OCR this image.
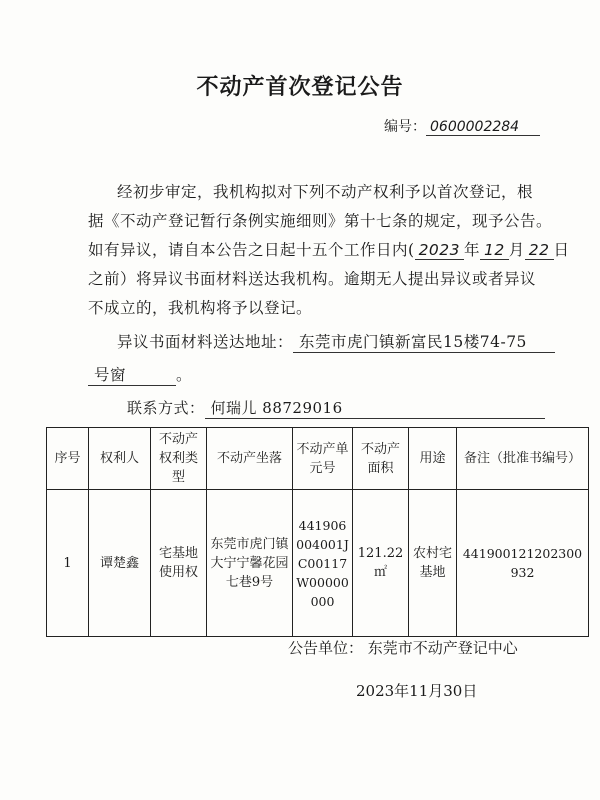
不动产首次登记公告
编号： 0600002284
经初步审定，我机构拟对下列不动产权利予以首次登记，根
据《不动产登记暂行条例实施细则》第十七条的规定，现予公告。
如有异议，请自本公告之日起十五个工作日内( 2023 年 12 月 22 日
之前）将异议书面材料送达我机构。逾期无人提出异议或者异议
不成立的，我机构将予以登记。
异议书面材料送达地址： 东莞市虎门镇新富民15楼74-75
号窗	。
联系方式： 何瑞儿 88729016
序号	权利人	不动产权利类型	不动产坐落	不动产单元号	不动产面积	用途	备注（批准书编号）
1	谭楚鑫	宅基地使用权	东莞市虎门镇大宁宁馨花园七巷9号	441906004001JC00117W00000000	121.22 ㎡	农村宅基地	441900121202300932
公告单位： 东莞市不动产登记中心
2023年11月30日
